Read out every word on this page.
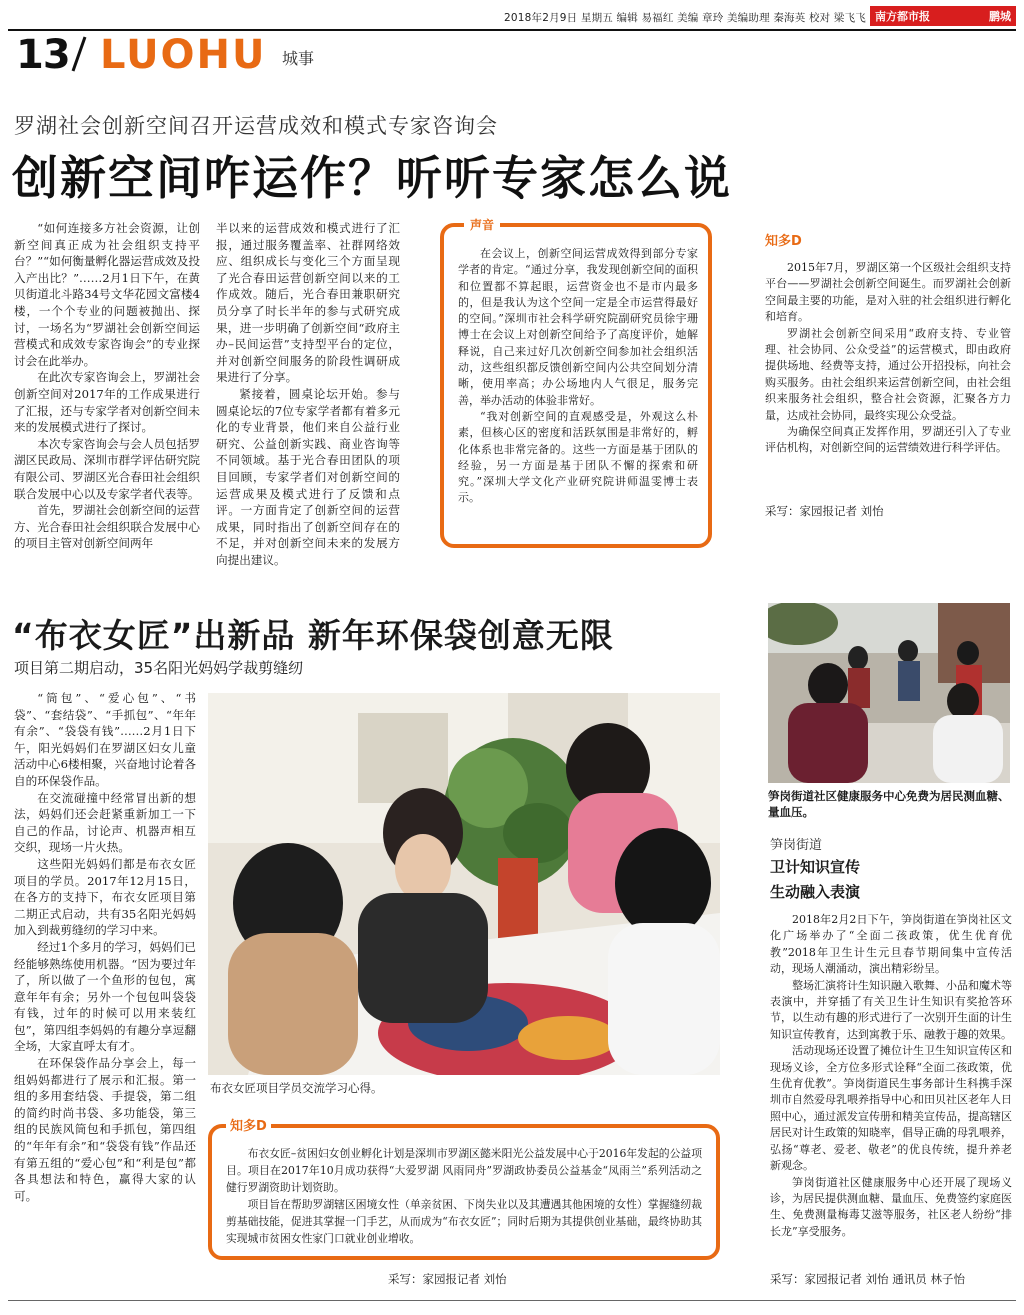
2018年2月9日 星期五 编辑 易福红 美编 章玲 美编助理 秦海英 校对 梁飞飞 南方都市报	鹏城
13 LUOHU 城事
罗湖社会创新空间召开运营成效和模式专家咨询会
创新空间咋运作？听听专家怎么说

“如何连接多方社会资源，让创新空间真正成为社会组织支持平台？”“如何衡量孵化器运营成效及投入产出比？”……2月1日下午，在黄贝街道北斗路34号文华花园文富楼4楼，一个个专业的问题被抛出、探讨，一场名为“罗湖社会创新空间运营模式和成效专家咨询会”的专业探讨会在此举办。

在此次专家咨询会上，罗湖社会创新空间对2017年的工作成果进行了汇报，还与专家学者对创新空间未来的发展模式进行了探讨。

本次专家咨询会与会人员包括罗湖区民政局、深圳市群学评估研究院有限公司、罗湖区光合春田社会组织联合发展中心以及专家学者代表等。

首先，罗湖社会创新空间的运营方、光合春田社会组织联合发展中心的项目主管对创新空间两年

半以来的运营成效和模式进行了汇报，通过服务覆盖率、社群网络效应、组织成长与变化三个方面呈现了光合春田运营创新空间以来的工作成效。随后，光合春田兼职研究员分享了时长半年的参与式研究成果，进一步明确了创新空间“政府主办–民间运营”支持型平台的定位，并对创新空间服务的阶段性调研成果进行了分享。

紧接着，圆桌论坛开始。参与圆桌论坛的7位专家学者都有着多元化的专业背景，他们来自公益行业研究、公益创新实践、商业咨询等不同领域。基于光合春田团队的项目回顾，专家学者们对创新空间的运营成果及模式进行了反馈和点评。一方面肯定了创新空间的运营成果，同时指出了创新空间存在的不足，并对创新空间未来的发展方向提出建议。

声音

在会议上，创新空间运营成效得到部分专家学者的肯定。“通过分享，我发现创新空间的面积和位置都不算起眼，运营资金也不是市内最多的，但是我认为这个空间一定是全市运营得最好的空间。”深圳市社会科学研究院副研究员徐宇珊博士在会议上对创新空间给予了高度评价，她解释说，自己来过好几次创新空间参加社会组织活动，这些组织都反馈创新空间内公共空间划分清晰，使用率高；办公场地内人气很足，服务完善，举办活动的体验非常好。

“我对创新空间的直观感受是，外观这么朴素，但核心区的密度和活跃氛围是非常好的，孵化体系也非常完备的。这些一方面是基于团队的经验，另一方面是基于团队不懈的探索和研究。”深圳大学文化产业研究院讲师温雯博士表示。

知多D

2015年7月，罗湖区第一个区级社会组织支持平台——罗湖社会创新空间诞生。而罗湖社会创新空间最主要的功能，是对入驻的社会组织进行孵化和培育。

罗湖社会创新空间采用“政府支持、专业管理、社会协同、公众受益”的运营模式，即由政府提供场地、经费等支持，通过公开招投标，向社会购买服务。由社会组织来运营创新空间，由社会组织来服务社会组织，整合社会资源，汇聚各方力量，达成社会协同，最终实现公众受益。

为确保空间真正发挥作用，罗湖还引入了专业评估机构，对创新空间的运营绩效进行科学评估。

采写：家园报记者 刘怡
“布衣女匠”出新品 新年环保袋创意无限
项目第二期启动，35名阳光妈妈学裁剪缝纫

“筒包”、“爱心包”、“书袋”、“套结袋”、“手抓包”、“年年有余”、“袋袋有钱”……2月1日下午，阳光妈妈们在罗湖区妇女儿童活动中心6楼相聚，兴奋地讨论着各自的环保袋作品。

在交流碰撞中经常冒出新的想法，妈妈们还会赶紧重新加工一下自己的作品，讨论声、机器声相互交织，现场一片火热。

这些阳光妈妈们都是布衣女匠项目的学员。2017年12月15日，在各方的支持下，布衣女匠项目第二期正式启动，共有35名阳光妈妈加入到裁剪缝纫的学习中来。

经过1个多月的学习，妈妈们已经能够熟练使用机器。“因为要过年了，所以做了一个鱼形的包包，寓意年年有余；另外一个包包叫袋袋有钱，过年的时候可以用来装红包”，第四组李妈妈的有趣分享逗翻全场，大家直呼太有才。

在环保袋作品分享会上，每一组妈妈都进行了展示和汇报。第一组的多用套结袋、手提袋，第二组的简约时尚书袋、多功能袋，第三组的民族风筒包和手抓包，第四组的“年年有余”和“袋袋有钱”作品还有第五组的“爱心包”和“利是包”都各具想法和特色，赢得大家的认可。

布衣女匠项目学员交流学习心得。
知多D

布衣女匠–贫困妇女创业孵化计划是深圳市罗湖区懿米阳光公益发展中心于2016年发起的公益项目。项目在2017年10月成功获得“大爱罗湖 风雨同舟”罗湖政协委员公益基金“凤雨兰”系列活动之健行罗湖资助计划资助。

项目旨在帮助罗湖辖区困境女性（单亲贫困、下岗失业以及其遭遇其他困境的女性）掌握缝纫裁剪基础技能，促进其掌握一门手艺，从而成为“布衣女匠”；同时后期为其提供创业基础，最终协助其实现城市贫困女性家门口就业创业增收。

采写：家园报记者 刘怡
笋岗街道社区健康服务中心免费为居民测血糖、量血压。
笋岗街道
卫计知识宣传
生动融入表演

2018年2月2日下午，笋岗街道在笋岗社区文化广场举办了“全面二孩政策，优生优育优教”2018年卫生计生元旦春节期间集中宣传活动，现场人潮涌动，演出精彩纷呈。

整场汇演将计生知识融入歌舞、小品和魔术等表演中，并穿插了有关卫生计生知识有奖抢答环节，以生动有趣的形式进行了一次别开生面的计生知识宣传教育，达到寓教于乐、融教于趣的效果。

活动现场还设置了摊位计生卫生知识宣传区和现场义诊，全方位多形式诠释“全面二孩政策，优生优育优教”。笋岗街道民生事务部计生科携手深圳市自然爱母乳喂养指导中心和田贝社区老年人日照中心，通过派发宣传册和精美宣传品，提高辖区居民对计生政策的知晓率，倡导正确的母乳喂养，弘扬“尊老、爱老、敬老”的优良传统，提升养老新观念。

笋岗街道社区健康服务中心还开展了现场义诊，为居民提供测血糖、量血压、免费签约家庭医生、免费测量梅毒艾滋等服务，社区老人纷纷“排长龙”享受服务。

采写：家园报记者 刘怡 通讯员 林子怡
